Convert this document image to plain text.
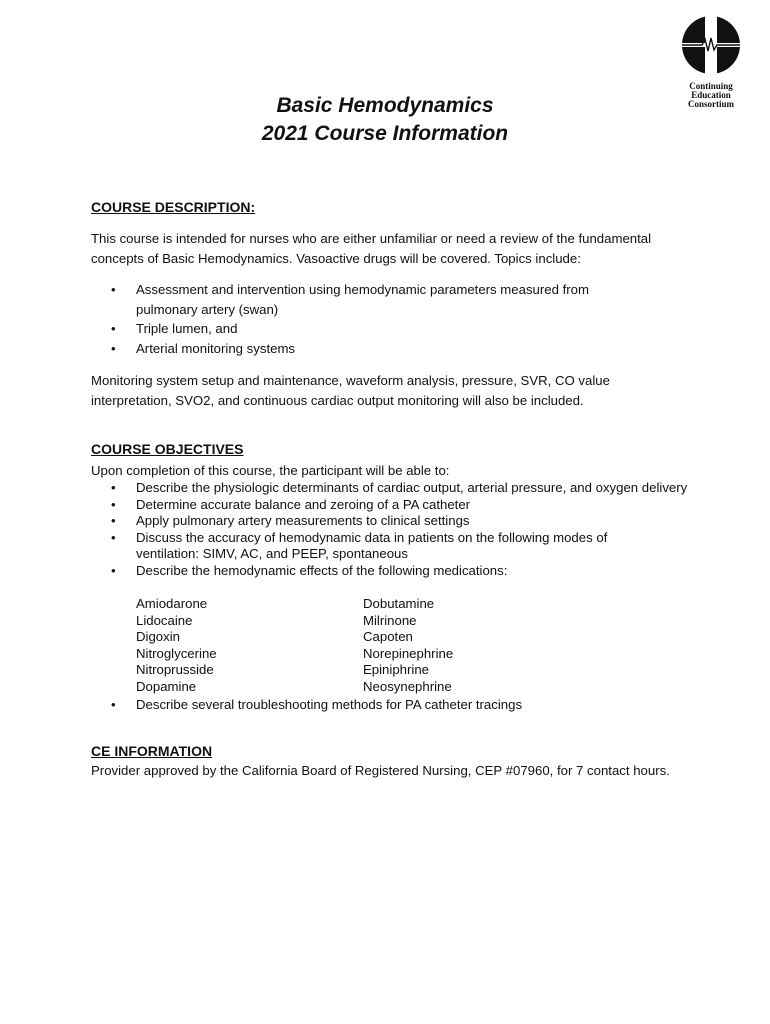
Continuing
Education
Consortium
Basic Hemodynamics
2021 Course Information
COURSE DESCRIPTION:
This course is intended for nurses who are either unfamiliar or need a review of the fundamental concepts of Basic Hemodynamics. Vasoactive drugs will be covered. Topics include:
• Assessment and intervention using hemodynamic parameters measured from pulmonary artery (swan)
• Triple lumen, and
• Arterial monitoring systems
Monitoring system setup and maintenance, waveform analysis, pressure, SVR, CO value interpretation, SVO2, and continuous cardiac output monitoring will also be included.
COURSE OBJECTIVES
Upon completion of this course, the participant will be able to:
• Describe the physiologic determinants of cardiac output, arterial pressure, and oxygen delivery
• Determine accurate balance and zeroing of a PA catheter
• Apply pulmonary artery measurements to clinical settings
• Discuss the accuracy of hemodynamic data in patients on the following modes of ventilation: SIMV, AC, and PEEP, spontaneous
• Describe the hemodynamic effects of the following medications:
Amiodarone	Dobutamine
Lidocaine	Milrinone
Digoxin	Capoten
Nitroglycerine	Norepinephrine
Nitroprusside	Epiniphrine
Dopamine	Neosynephrine
• Describe several troubleshooting methods for PA catheter tracings
CE INFORMATION
Provider approved by the California Board of Registered Nursing, CEP #07960, for 7 contact hours.
